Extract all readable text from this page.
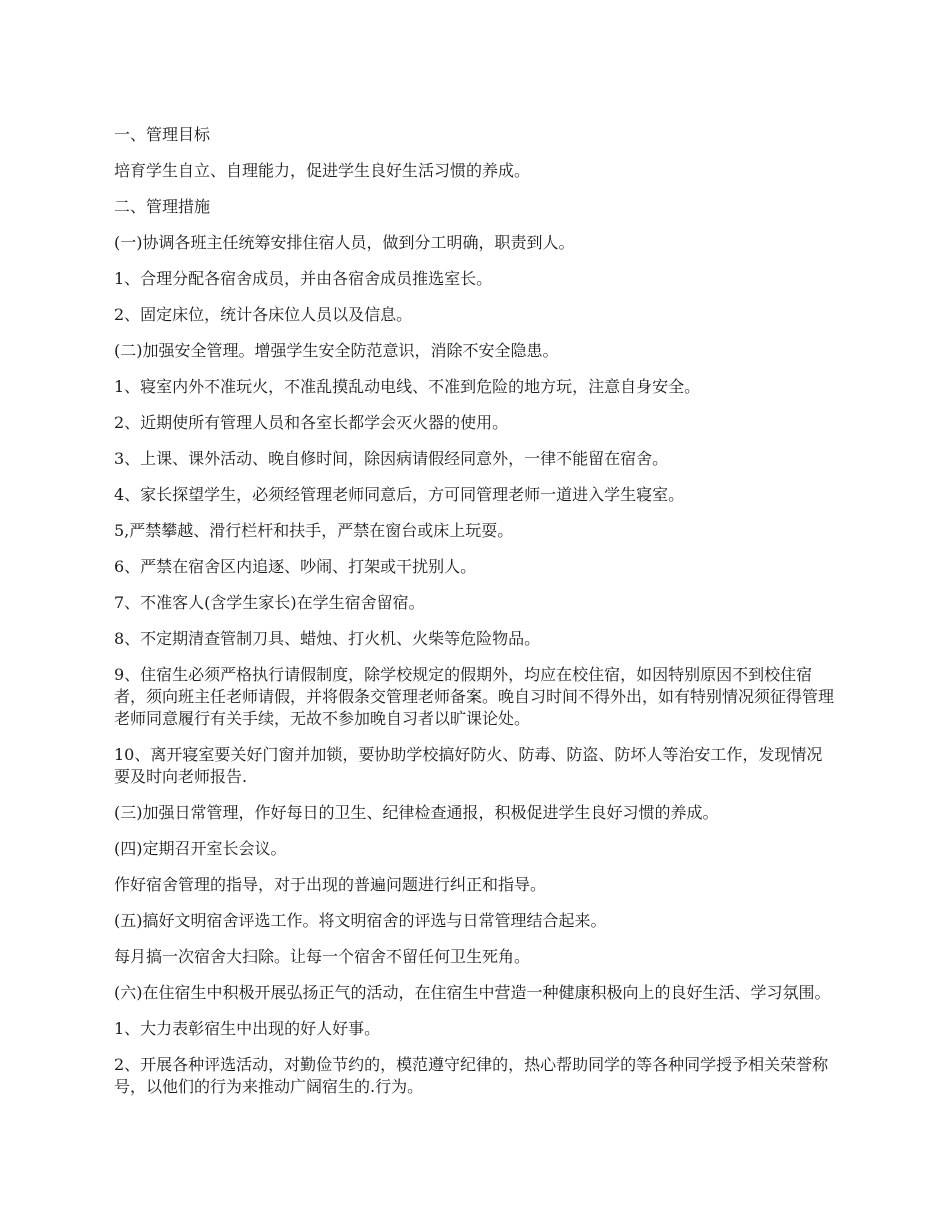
一、管理目标

培育学生自立、自理能力，促进学生良好生活习惯的养成。

二、管理措施

(一)协调各班主任统筹安排住宿人员，做到分工明确，职责到人。

1、合理分配各宿舍成员，并由各宿舍成员推选室长。

2、固定床位，统计各床位人员以及信息。

(二)加强安全管理。增强学生安全防范意识，消除不安全隐患。

1、寝室内外不准玩火，不准乱摸乱动电线、不准到危险的地方玩，注意自身安全。

2、近期使所有管理人员和各室长都学会灭火器的使用。

3、上课、课外活动、晚自修时间，除因病请假经同意外，一律不能留在宿舍。

4、家长探望学生，必须经管理老师同意后，方可同管理老师一道进入学生寝室。

5,严禁攀越、滑行栏杆和扶手，严禁在窗台或床上玩耍。

6、严禁在宿舍区内追逐、吵闹、打架或干扰别人。

7、不准客人(含学生家长)在学生宿舍留宿。

8、不定期清查管制刀具、蜡烛、打火机、火柴等危险物品。

9、住宿生必须严格执行请假制度，除学校规定的假期外，均应在校住宿，如因特别原因不到校住宿者，须向班主任老师请假，并将假条交管理老师备案。晚自习时间不得外出，如有特别情况须征得管理老师同意履行有关手续，无故不参加晚自习者以旷课论处。

10、离开寝室要关好门窗并加锁，要协助学校搞好防火、防毒、防盗、防坏人等治安工作，发现情况要及时向老师报告.

(三)加强日常管理，作好每日的卫生、纪律检查通报，积极促进学生良好习惯的养成。

(四)定期召开室长会议。

作好宿舍管理的指导，对于出现的普遍问题进行纠正和指导。

(五)搞好文明宿舍评选工作。将文明宿舍的评选与日常管理结合起来。

每月搞一次宿舍大扫除。让每一个宿舍不留任何卫生死角。

(六)在住宿生中积极开展弘扬正气的活动，在住宿生中营造一种健康积极向上的良好生活、学习氛围。

1、大力表彰宿生中出现的好人好事。

2、开展各种评选活动，对勤俭节约的，模范遵守纪律的，热心帮助同学的等各种同学授予相关荣誉称号，以他们的行为来推动广阔宿生的.行为。
